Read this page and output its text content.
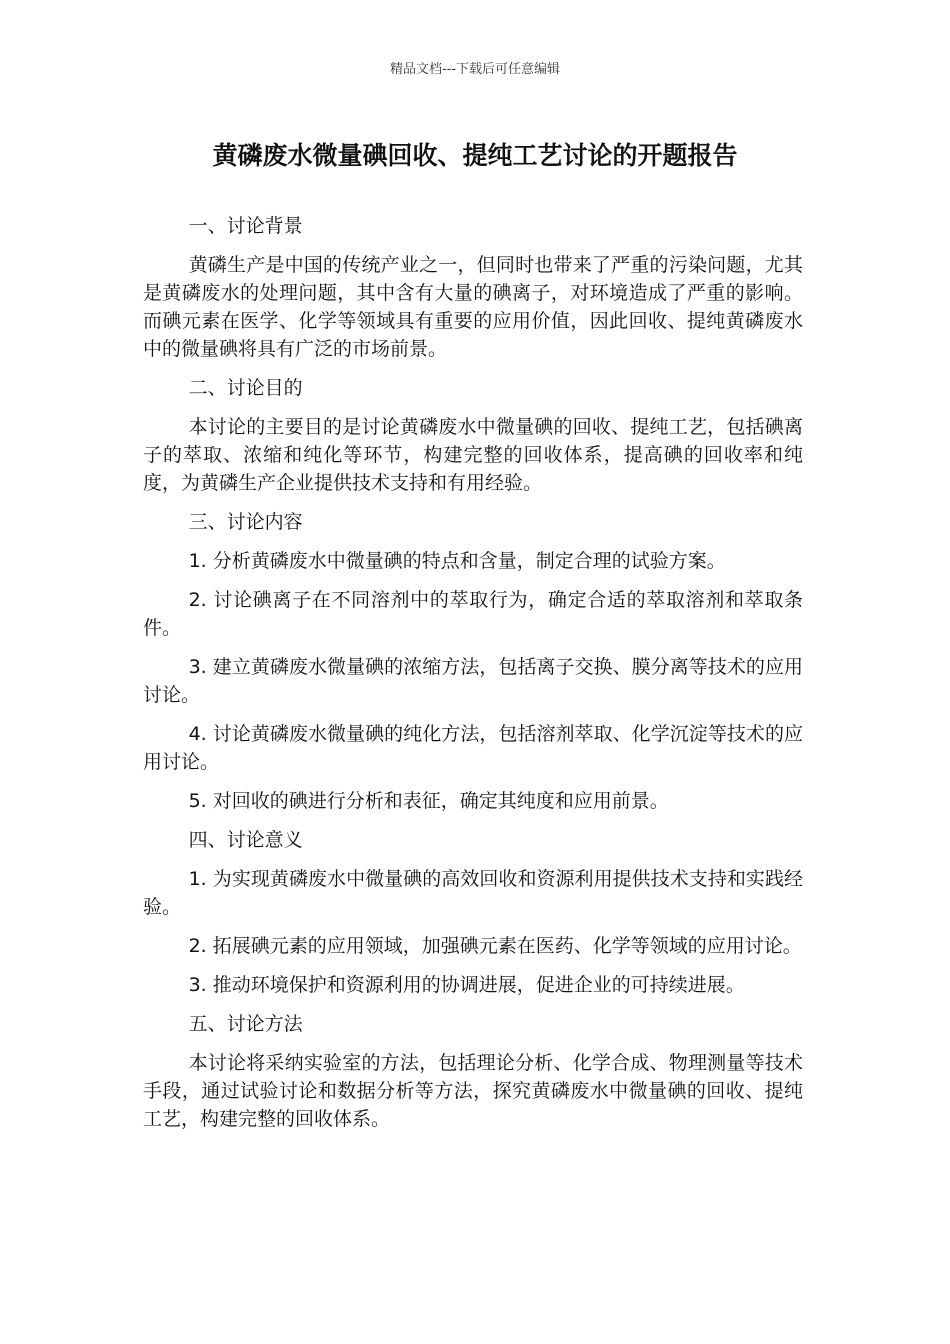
精品文档---下载后可任意编辑
黄磷废水微量碘回收、提纯工艺讨论的开题报告
一、讨论背景

黄磷生产是中国的传统产业之一，但同时也带来了严重的污染问题，尤其是黄磷废水的处理问题，其中含有大量的碘离子，对环境造成了严重的影响。而碘元素在医学、化学等领域具有重要的应用价值，因此回收、提纯黄磷废水中的微量碘将具有广泛的市场前景。

二、讨论目的

本讨论的主要目的是讨论黄磷废水中微量碘的回收、提纯工艺，包括碘离子的萃取、浓缩和纯化等环节，构建完整的回收体系，提高碘的回收率和纯度，为黄磷生产企业提供技术支持和有用经验。

三、讨论内容

1. 分析黄磷废水中微量碘的特点和含量，制定合理的试验方案。

2. 讨论碘离子在不同溶剂中的萃取行为，确定合适的萃取溶剂和萃取条件。

3. 建立黄磷废水微量碘的浓缩方法，包括离子交换、膜分离等技术的应用讨论。

4. 讨论黄磷废水微量碘的纯化方法，包括溶剂萃取、化学沉淀等技术的应用讨论。

5. 对回收的碘进行分析和表征，确定其纯度和应用前景。

四、讨论意义

1. 为实现黄磷废水中微量碘的高效回收和资源利用提供技术支持和实践经验。

2. 拓展碘元素的应用领域，加强碘元素在医药、化学等领域的应用讨论。

3. 推动环境保护和资源利用的协调进展，促进企业的可持续进展。

五、讨论方法

本讨论将采纳实验室的方法，包括理论分析、化学合成、物理测量等技术手段，通过试验讨论和数据分析等方法，探究黄磷废水中微量碘的回收、提纯工艺，构建完整的回收体系。
